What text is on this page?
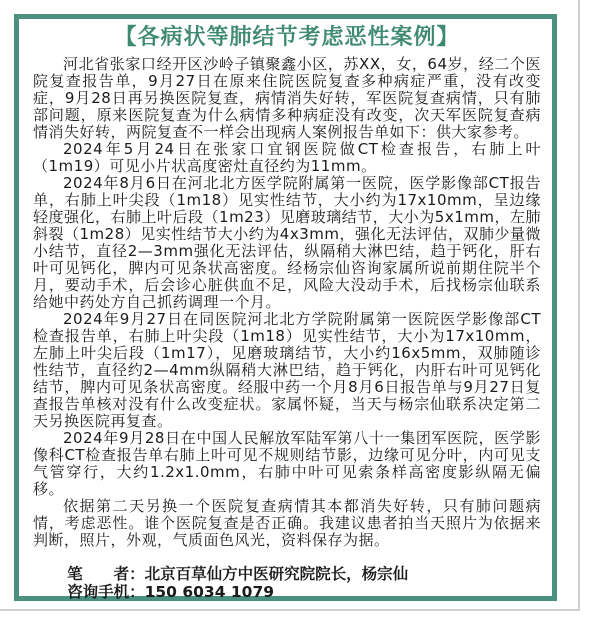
【各病状等肺结节考虑恶性案例】

河北省张家口经开区沙岭子镇聚鑫小区，苏XX，女，64岁，经二个医院复查报告单，9月27日在原来住院医院复查多种病症严重，没有改变症，9月28日再另换医院复查，病情消失好转，军医院复查病情，只有肺部问题，原来医院复查为什么病情多种病症没有改变，次天军医院复查病情消失好转，两院复查不一样会出现病人案例报告单如下：供大家参考。

2024年5月24日在张家口宜钢医院做CT检查报告，右肺上叶（1m19）可见小片状高度密灶直径约为11mm。

2024年8月6日在河北北方医学院附属第一医院，医学影像部CT报告单，右肺上叶尖段（1m18）见实性结节，大小约为17x10mm，呈边缘轻度强化，右肺上叶后段（1m23）见磨玻璃结节，大小为5x1mm，左肺斜裂（1m28）见实性结节大小约为4x3mm，强化无法评估，双肺少量微小结节，直径2—3mm强化无法评估，纵隔稍大淋巴结，趋于钙化，肝右叶可见钙化，脾内可见条状高密度。经杨宗仙咨询家属所说前期住院半个月，要动手术，后会诊心脏供血不足，风险大没动手术，后找杨宗仙联系给她中药处方自己抓药调理一个月。

2024年9月27日在同医院河北北方学院附属第一医院医学影像部CT检查报告单，右肺上叶尖段（1m18）见实性结节，大小为17x10mm，左肺上叶尖后段（1m17），见磨玻璃结节，大小约16x5mm，双肺随诊性结节，直径约2—4mm纵隔稍大淋巴结，趋于钙化，内肝右叶可见钙化结节，脾内可见条状高密度。经服中药一个月8月6日报告单与9月27日复查报告单核对没有什么改变症状。家属怀疑，当天与杨宗仙联系决定第二天另换医院再复查。

2024年9月28日在中国人民解放军陆军第八十一集团军医院，医学影像科CT检查报告单右肺上叶可见不规则结节影，边缘可见分叶，内可见支气管穿行，大约1.2x1.0mm，右肺中叶可见索条样高密度影纵隔无偏移。

依据第二天另换一个医院复查病情其本都消失好转，只有肺问题病情，考虑恶性。谁个医院复查是否正确。我建议患者拍当天照片为依据来判断，照片，外观，气质面色风光，资料保存为据。

笔　　者：北京百草仙方中医研究院院长，杨宗仙

咨询手机：150 6034 1079
